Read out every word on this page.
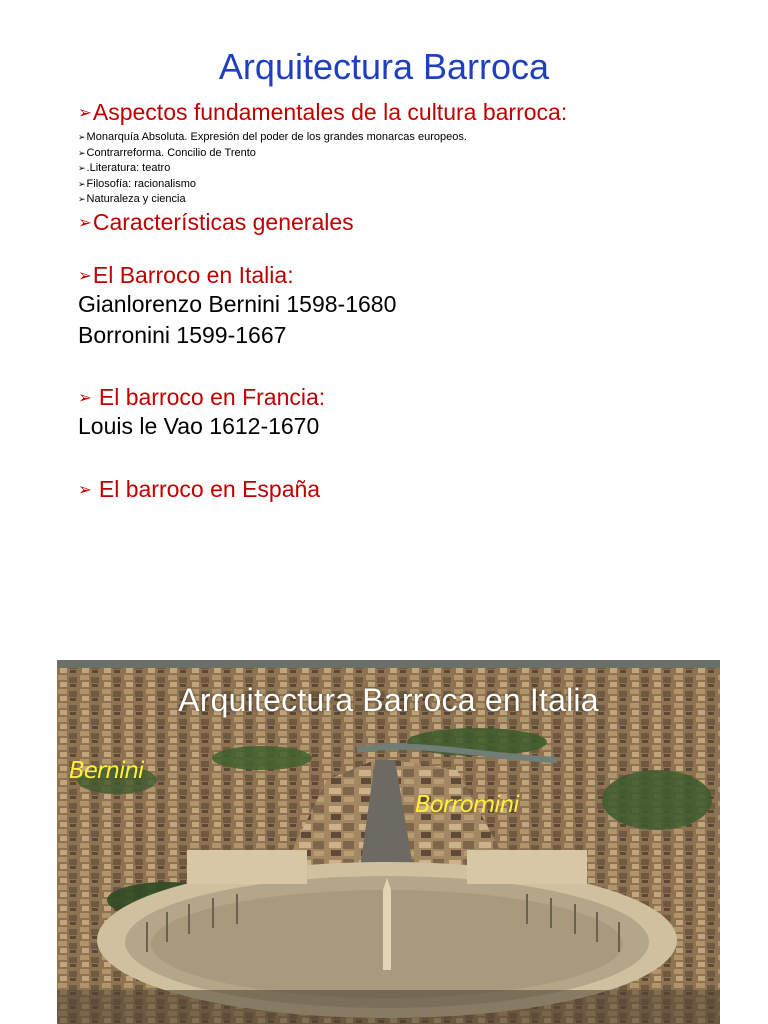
Arquitectura Barroca
➢Aspectos fundamentales de la cultura barroca:
➢Monarquía Absoluta. Expresión del poder de los grandes monarcas europeos.
➢Contrarreforma. Concilio de Trento
➢.Literatura: teatro
➢Filosofía: racionalismo
➢Naturaleza y ciencia
➢Características generales
➢El Barroco en Italia:
Gianlorenzo Bernini 1598-1680
Borronini 1599-1667
➢ El barroco en Francia:
Louis le Vao 1612-1670
➢ El barroco en España
Arquitectura Barroca en Italia
Bernini
Borromini
